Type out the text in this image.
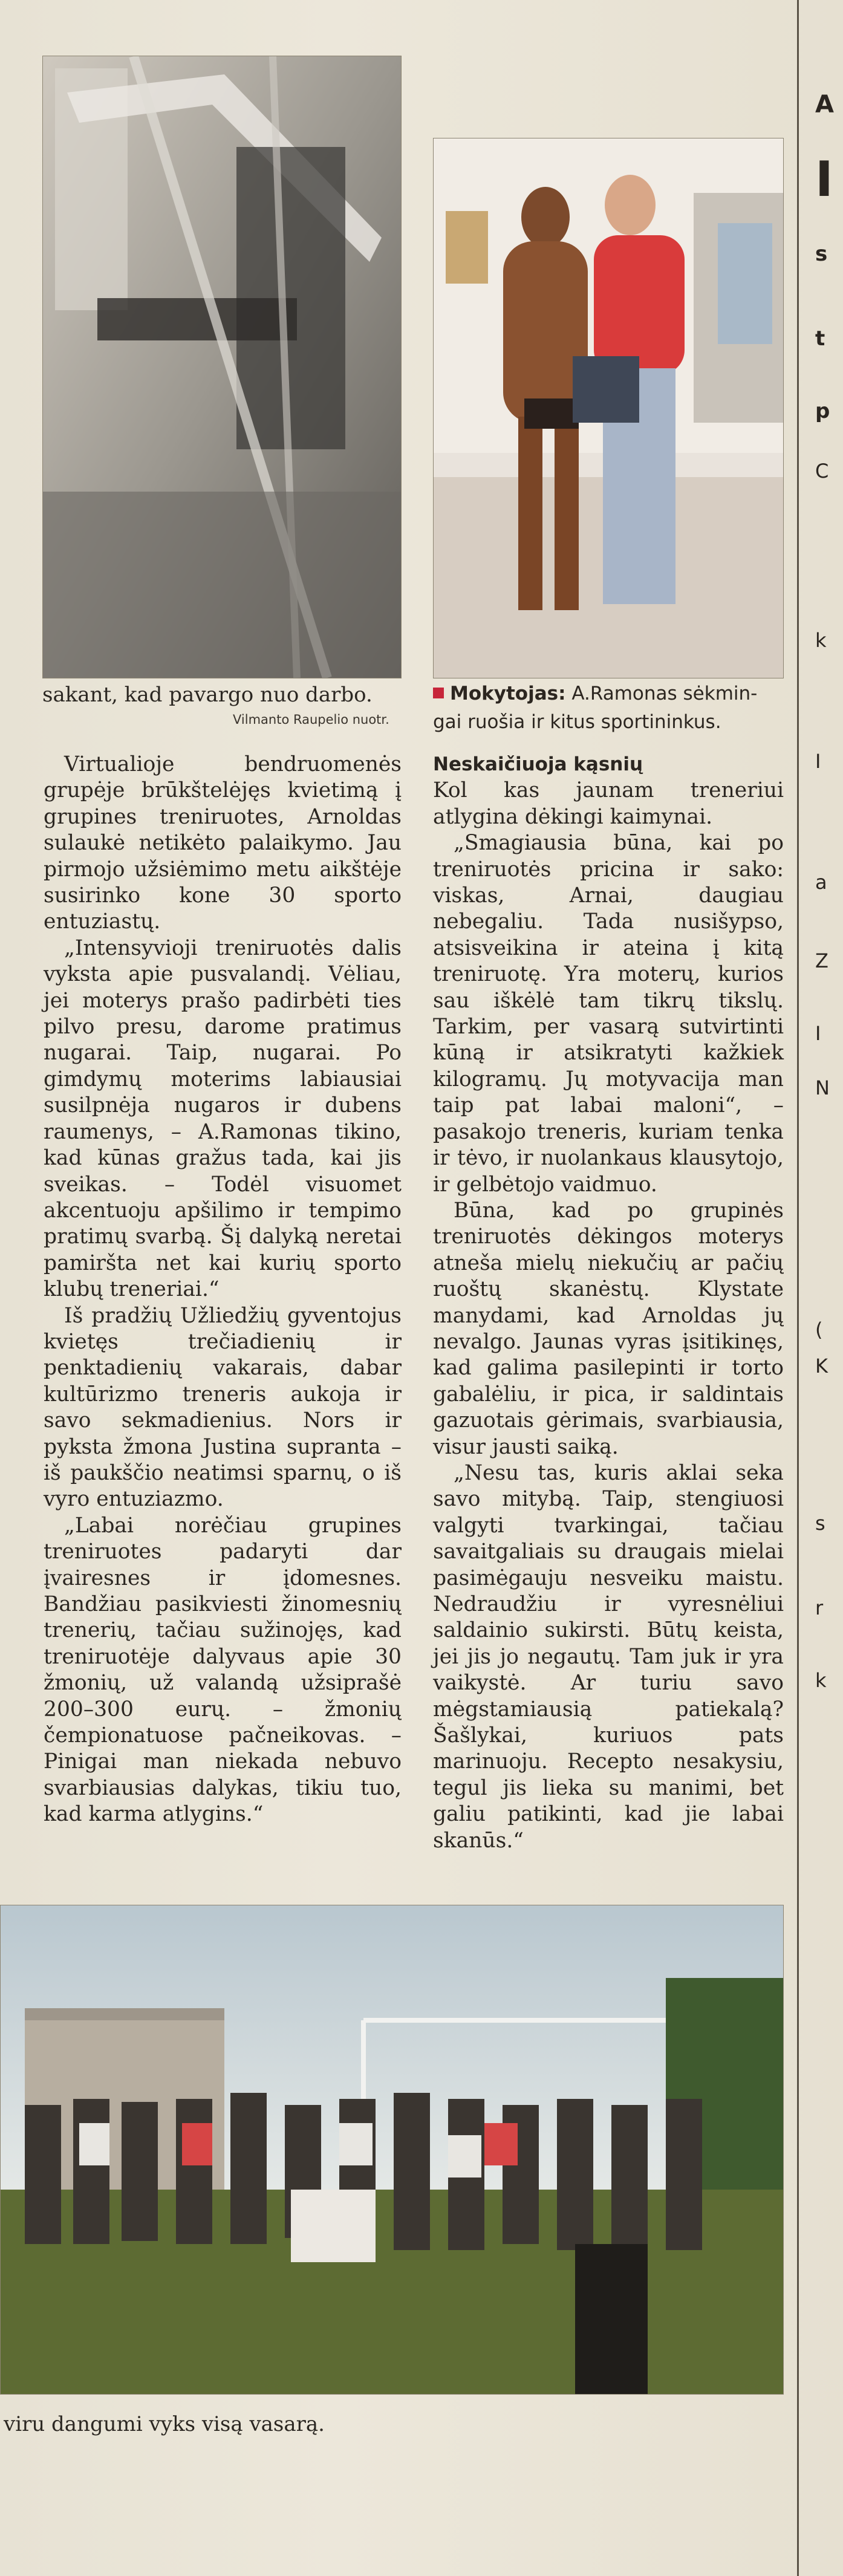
sakant, kad pavargo nuo darbo.
Vilmanto Raupelio nuotr.
Mokytojas: A.Ramonas sėkmin-
gai ruošia ir kitus sportininkus.

Virtualioje bendruomenės grupėje brūkštelėjęs kvietimą į grupines treniruotes, Arnoldas sulaukė netikėto palaikymo. Jau pirmojo užsiėmimo metu aikštėje susirinko kone 30 sporto entuziastų.

„Intensyvioji treniruotės dalis vyksta apie pusvalandį. Vėliau, jei moterys prašo padirbėti ties pilvo presu, darome pratimus nugarai. Taip, nugarai. Po gimdymų moterims labiausiai susilpnėja nugaros ir dubens raumenys, – A.Ramonas tikino, kad kūnas gražus tada, kai jis sveikas. – Todėl visuomet akcentuoju apšilimo ir tempimo pratimų svarbą. Šį dalyką neretai pamiršta net kai kurių sporto klubų treneriai.“

Iš pradžių Užliedžių gyventojus kvietęs trečiadienių ir penktadienių vakarais, dabar kultūrizmo treneris aukoja ir savo sekmadienius. Nors ir pyksta žmona Justina supranta – iš paukščio neatimsi sparnų, o iš vyro entuziazmo.

„Labai norėčiau grupines treniruotes padaryti dar įvairesnes ir įdomesnes. Bandžiau pasikviesti žinomesnių trenerių, tačiau sužinojęs, kad treniruotėje dalyvaus apie 30 žmonių, už valandą užsiprašė 200–300 eurų. – žmonių čempionatuose pačneikovas. – Pinigai man niekada nebuvo svarbiausias dalykas, tikiu tuo, kad karma atlygins.“

Neskaičiuoja kąsnių

Kol kas jaunam treneriui atlygina dėkingi kaimynai.

„Smagiausia būna, kai po treniruotės pricina ir sako: viskas, Arnai, daugiau nebegaliu. Tada nusišypso, atsisveikina ir ateina į kitą treniruotę. Yra moterų, kurios sau iškėlė tam tikrų tikslų. Tarkim, per vasarą sutvirtinti kūną ir atsikratyti kažkiek kilogramų. Jų motyvacija man taip pat labai maloni“, – pasakojo treneris, kuriam tenka ir tėvo, ir nuolankaus klausytojo, ir gelbėtojo vaidmuo.

Būna, kad po grupinės treniruotės dėkingos moterys atneša mielų niekučių ar pačių ruoštų skanėstų. Klystate manydami, kad Arnoldas jų nevalgo. Jaunas vyras įsitikinęs, kad galima pasilepinti ir torto gabalėliu, ir pica, ir saldintais gazuotais gėrimais, svarbiausia, visur jausti saiką.

„Nesu tas, kuris aklai seka savo mitybą. Taip, stengiuosi valgyti tvarkingai, tačiau savaitgaliais su draugais mielai pasimėgauju nesveiku maistu. Nedraudžiu ir vyresnėliui saldainio sukirsti. Būtų keista, jei jis jo negautų. Tam juk ir yra vaikystė. Ar turiu savo mėgstamiausią patiekalą? Šašlykai, kuriuos pats marinuoju. Recepto nesakysiu, tegul jis lieka su manimi, bet galiu patikinti, kad jie labai skanūs.“

viru dangumi vyks visą vasarą.
A
I
s
t
p
C
k
I
a
Z
I
N
K
(
s
r
k
